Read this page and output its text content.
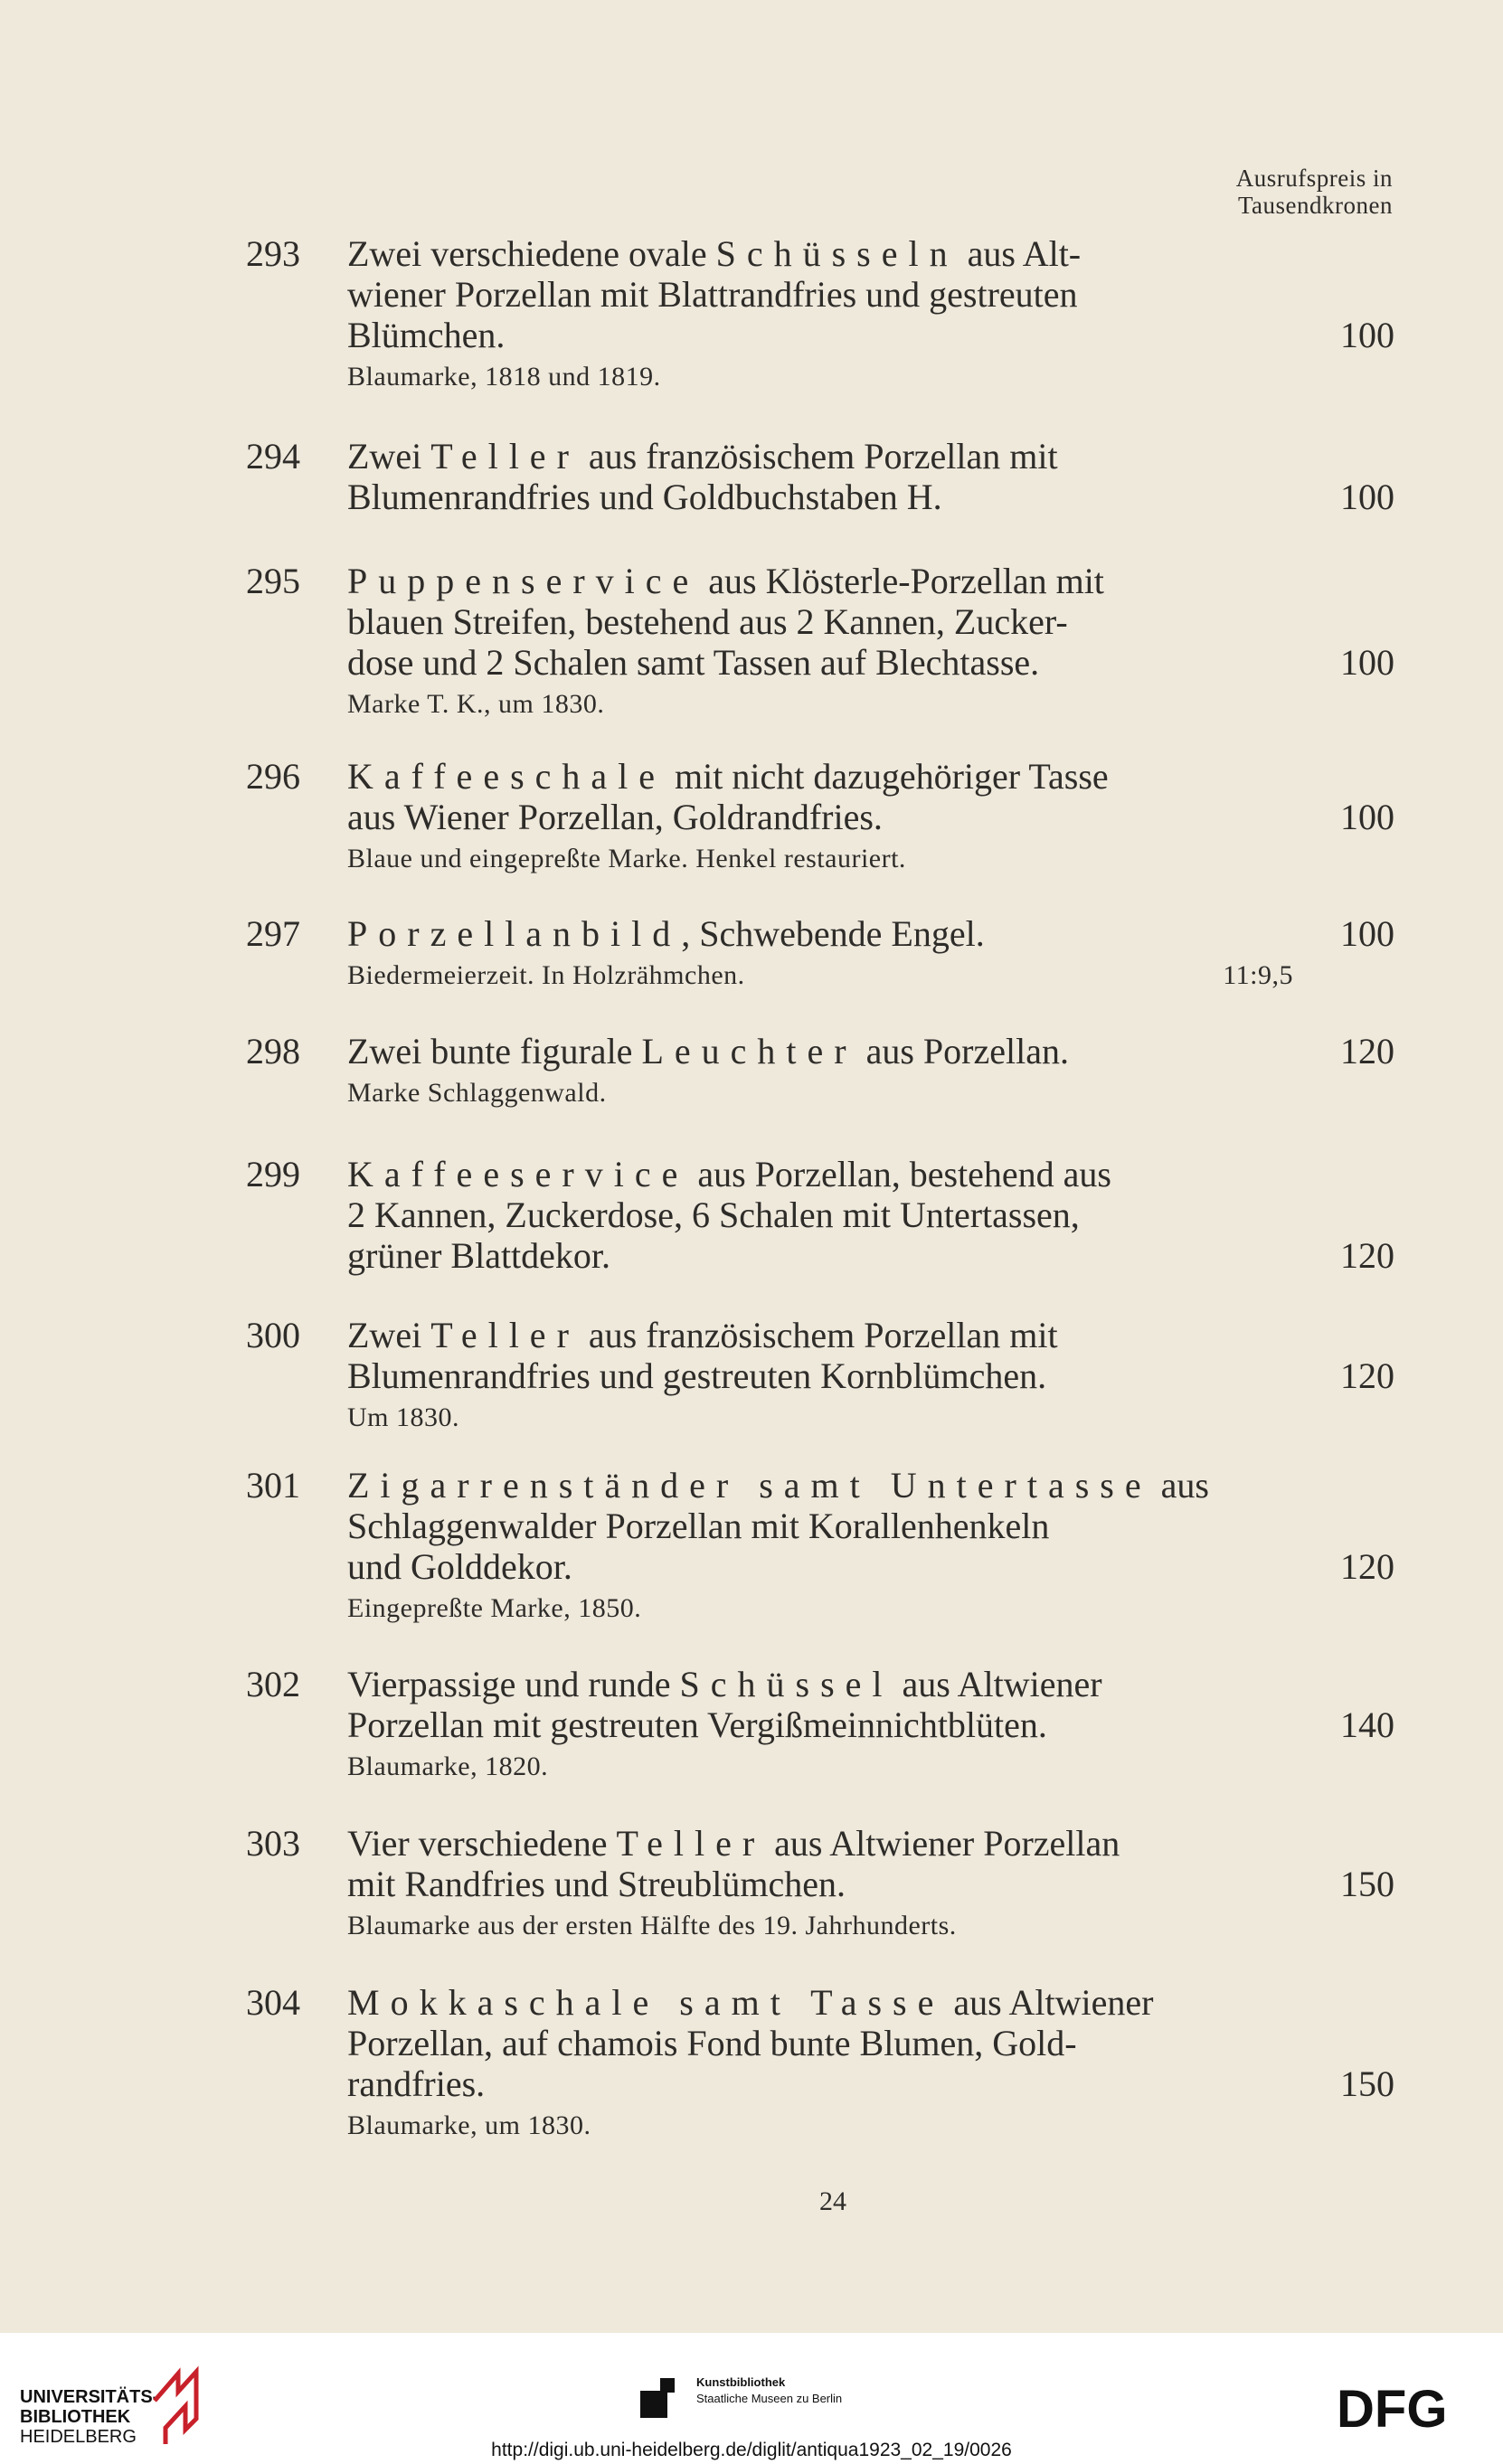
Ausrufspreis in
Tausendkronen
293 Zwei verschiedene ovale Schüsseln aus Alt-
wiener Porzellan mit Blattrandfries und gestreuten
Blümchen.
Blaumarke, 1818 und 1819.
100
294 Zwei Teller aus französischem Porzellan mit
Blumenrandfries und Goldbuchstaben H.	100
295 Puppenservice aus Klösterle-Porzellan mit
blauen Streifen, bestehend aus 2 Kannen, Zucker-
dose und 2 Schalen samt Tassen auf Blechtasse.
Marke T. K., um 1830.
100
296 Kaffeeschale mit nicht dazugehöriger Tasse
aus Wiener Porzellan, Goldrandfries.
Blaue und eingepreßte Marke. Henkel restauriert.
100
297 Porzellanbild, Schwebende Engel.
Biedermeierzeit. In Holzrähmchen.
100
11:9,5
298 Zwei bunte figurale Leuchter aus Porzellan.
Marke Schlaggenwald.
120
299 Kaffeeservice aus Porzellan, bestehend aus
2 Kannen, Zuckerdose, 6 Schalen mit Untertassen,
grüner Blattdekor.	120
300 Zwei Teller aus französischem Porzellan mit
Blumenrandfries und gestreuten Kornblümchen.
Um 1830.
120
301 Zigarrenständer samt Untertasse aus
Schlaggenwalder Porzellan mit Korallenhenkeln
und Golddekor.
Eingepreßte Marke, 1850.
120
302 Vierpassige und runde Schüssel aus Altwiener
Porzellan mit gestreuten Vergißmeinnichtblüten.
Blaumarke, 1820.
140
303 Vier verschiedene Teller aus Altwiener Porzellan
mit Randfries und Streublümchen.
Blaumarke aus der ersten Hälfte des 19. Jahrhunderts.
150
304 Mokkaschale samt Tasse aus Altwiener
Porzellan, auf chamois Fond bunte Blumen, Gold-
randfries.
Blaumarke, um 1830.
150
24
UNIVERSITÄTS-
BIBLIOTHEK
HEIDELBERG
Kunstbibliothek
Staatliche Museen zu Berlin	DFG
http://digi.ub.uni-heidelberg.de/diglit/antiqua1923_02_19/0026
